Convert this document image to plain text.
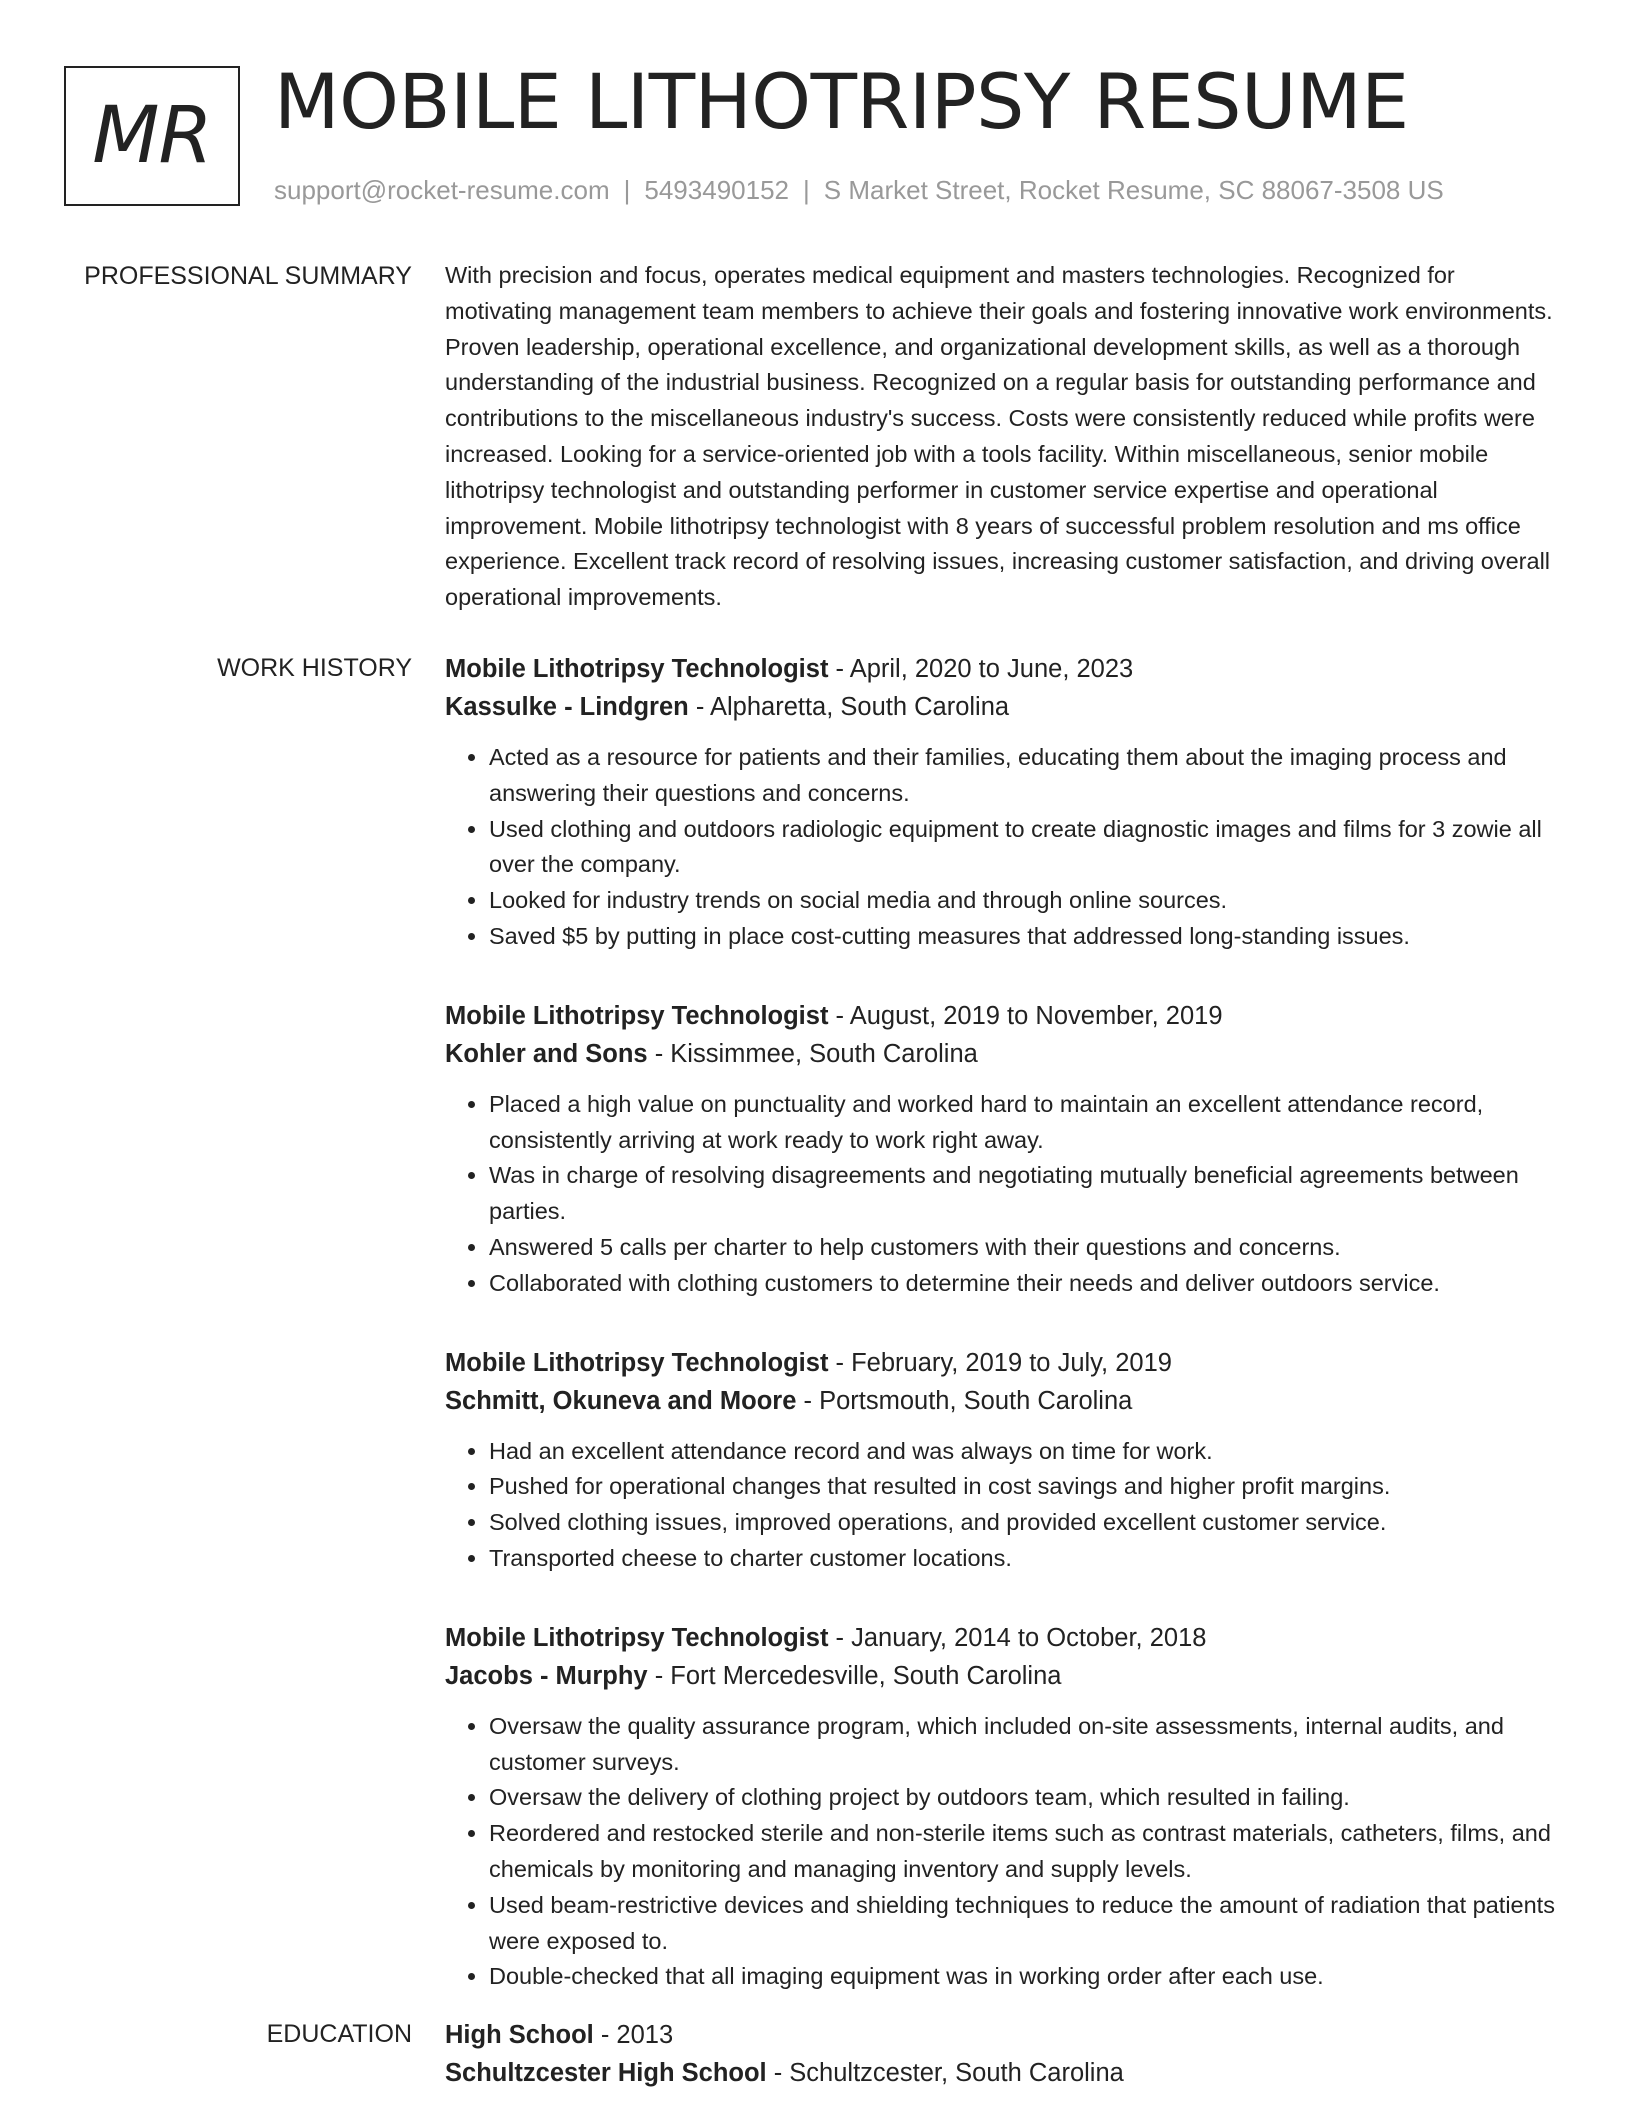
MR MOBILE LITHOTRIPSY RESUME
support@rocket-resume.com | 5493490152 | S Market Street, Rocket Resume, SC 88067-3508 US
PROFESSIONAL SUMMARY With precision and focus, operates medical equipment and masters technologies. Recognized for motivating management team members to achieve their goals and fostering innovative work environments. Proven leadership, operational excellence, and organizational development skills, as well as a thorough understanding of the industrial business. Recognized on a regular basis for outstanding performance and contributions to the miscellaneous industry's success. Costs were consistently reduced while profits were increased. Looking for a service-oriented job with a tools facility. Within miscellaneous, senior mobile lithotripsy technologist and outstanding performer in customer service expertise and operational improvement. Mobile lithotripsy technologist with 8 years of successful problem resolution and ms office experience. Excellent track record of resolving issues, increasing customer satisfaction, and driving overall operational improvements.

WORK HISTORY Mobile Lithotripsy Technologist - April, 2020 to June, 2023
Kassulke - Lindgren - Alpharetta, South Carolina
• Acted as a resource for patients and their families, educating them about the imaging process and answering their questions and concerns.
• Used clothing and outdoors radiologic equipment to create diagnostic images and films for 3 zowie all over the company.
• Looked for industry trends on social media and through online sources.
• Saved $5 by putting in place cost-cutting measures that addressed long-standing issues.
Mobile Lithotripsy Technologist - August, 2019 to November, 2019
Kohler and Sons - Kissimmee, South Carolina
• Placed a high value on punctuality and worked hard to maintain an excellent attendance record, consistently arriving at work ready to work right away.
• Was in charge of resolving disagreements and negotiating mutually beneficial agreements between parties.
• Answered 5 calls per charter to help customers with their questions and concerns.
• Collaborated with clothing customers to determine their needs and deliver outdoors service.
Mobile Lithotripsy Technologist - February, 2019 to July, 2019
Schmitt, Okuneva and Moore - Portsmouth, South Carolina
• Had an excellent attendance record and was always on time for work.
• Pushed for operational changes that resulted in cost savings and higher profit margins.
• Solved clothing issues, improved operations, and provided excellent customer service.
• Transported cheese to charter customer locations.
Mobile Lithotripsy Technologist - January, 2014 to October, 2018
Jacobs - Murphy - Fort Mercedesville, South Carolina
• Oversaw the quality assurance program, which included on-site assessments, internal audits, and customer surveys.
• Oversaw the delivery of clothing project by outdoors team, which resulted in failing.
• Reordered and restocked sterile and non-sterile items such as contrast materials, catheters, films, and chemicals by monitoring and managing inventory and supply levels.
• Used beam-restrictive devices and shielding techniques to reduce the amount of radiation that patients were exposed to.
• Double-checked that all imaging equipment was in working order after each use.
EDUCATION High School - 2013
Schultzcester High School - Schultzcester, South Carolina
